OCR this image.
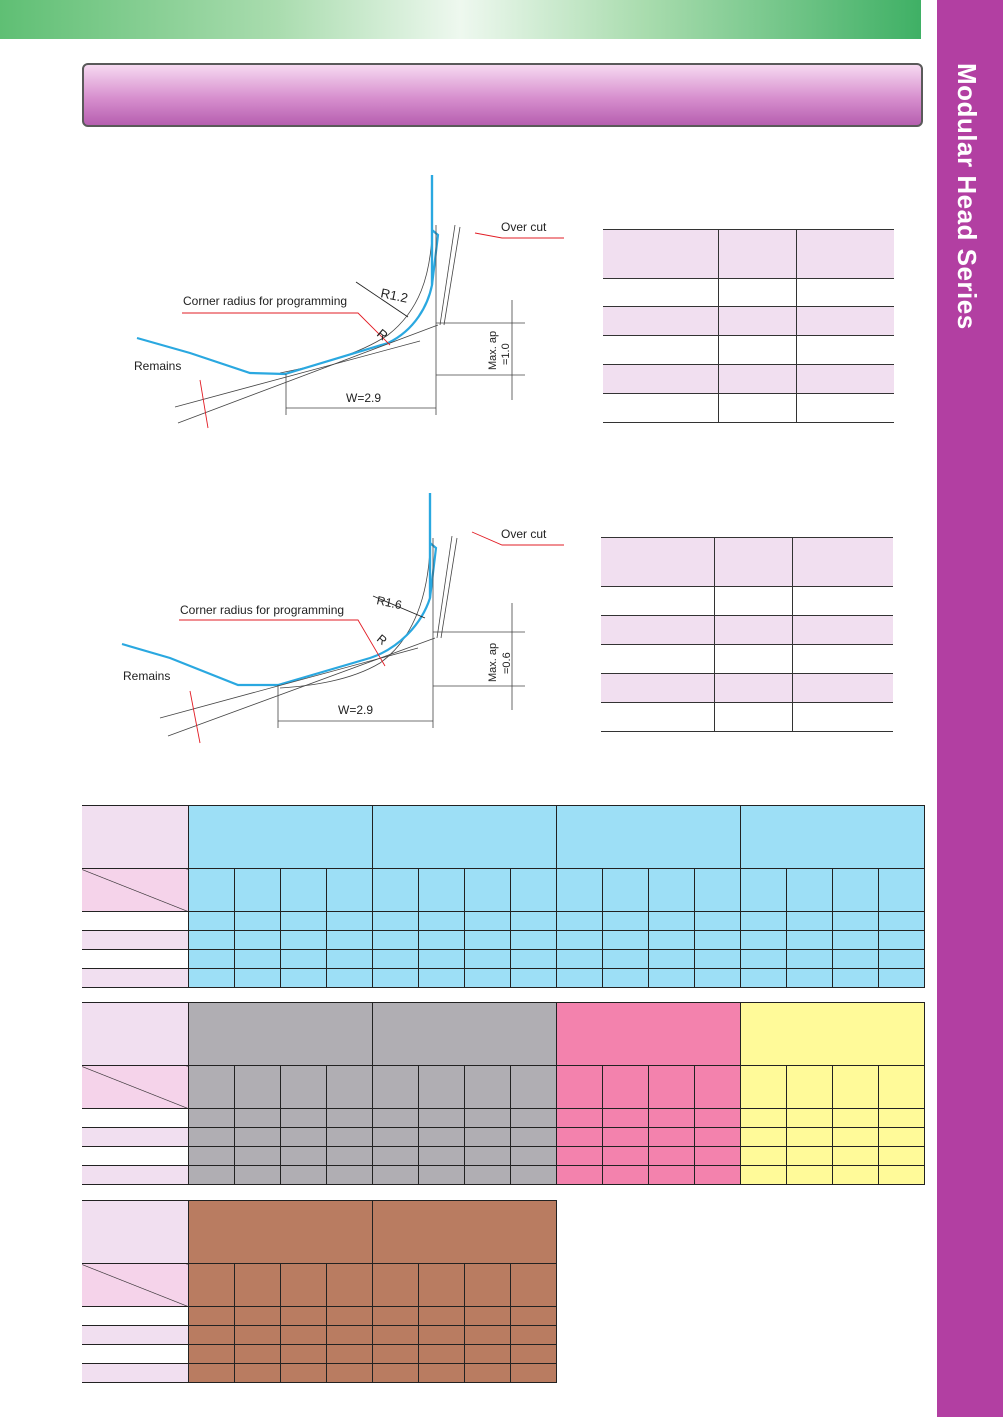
Modular Head Series
Over cut
Corner radius for programming
Remains
R1.2
R
W=2.9
Max. ap =1.0

Over cut
Corner radius for programming
Remains
R1.6
R
W=2.9
Max. ap =0.6
